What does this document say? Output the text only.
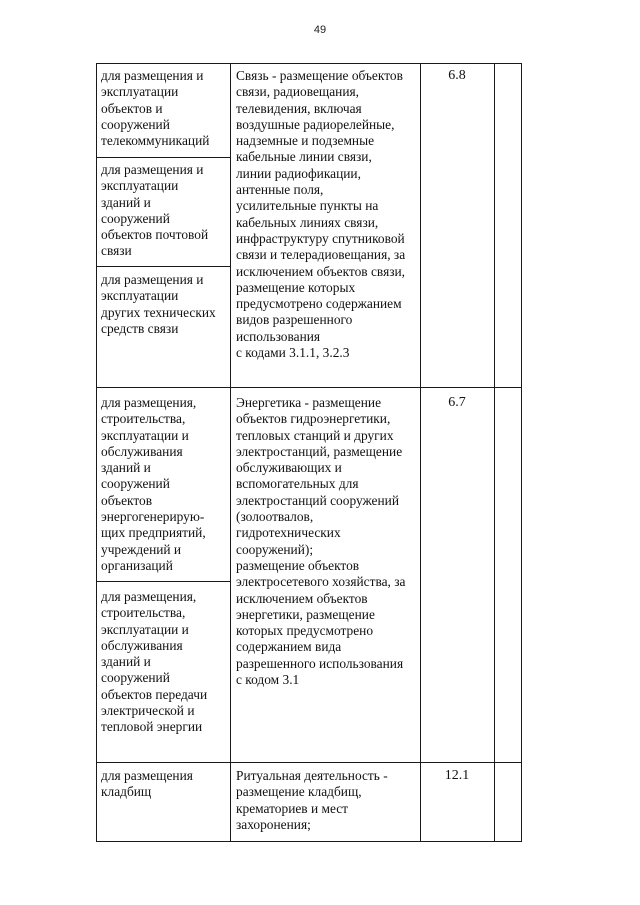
49
для размещения и
эксплуатации
объектов и
сооружений
телекоммуникаций
для размещения и
эксплуатации
зданий и
сооружений
объектов почтовой
связи
для размещения и
эксплуатации
других технических
средств связи
Связь - размещение объектов
связи, радиовещания,
телевидения, включая
воздушные радиорелейные,
надземные и подземные
кабельные линии связи,
линии радиофикации,
антенные поля,
усилительные пункты на
кабельных линиях связи,
инфраструктуру спутниковой
связи и телерадиовещания, за
исключением объектов связи,
размещение которых
предусмотрено содержанием
видов разрешенного
использования
с кодами 3.1.1, 3.2.3
6.8
для размещения,
строительства,
эксплуатации и
обслуживания
зданий и
сооружений
объектов
энергогенерирую-
щих предприятий,
учреждений и
организаций
для размещения,
строительства,
эксплуатации и
обслуживания
зданий и
сооружений
объектов передачи
электрической и
тепловой энергии
Энергетика - размещение
объектов гидроэнергетики,
тепловых станций и других
электростанций, размещение
обслуживающих и
вспомогательных для
электростанций сооружений
(золоотвалов,
гидротехнических
сооружений);
размещение объектов
электросетевого хозяйства, за
исключением объектов
энергетики, размещение
которых предусмотрено
содержанием вида
разрешенного использования
с кодом 3.1
6.7
для размещения
кладбищ
Ритуальная деятельность -
размещение кладбищ,
крематориев и мест
захоронения;
12.1
